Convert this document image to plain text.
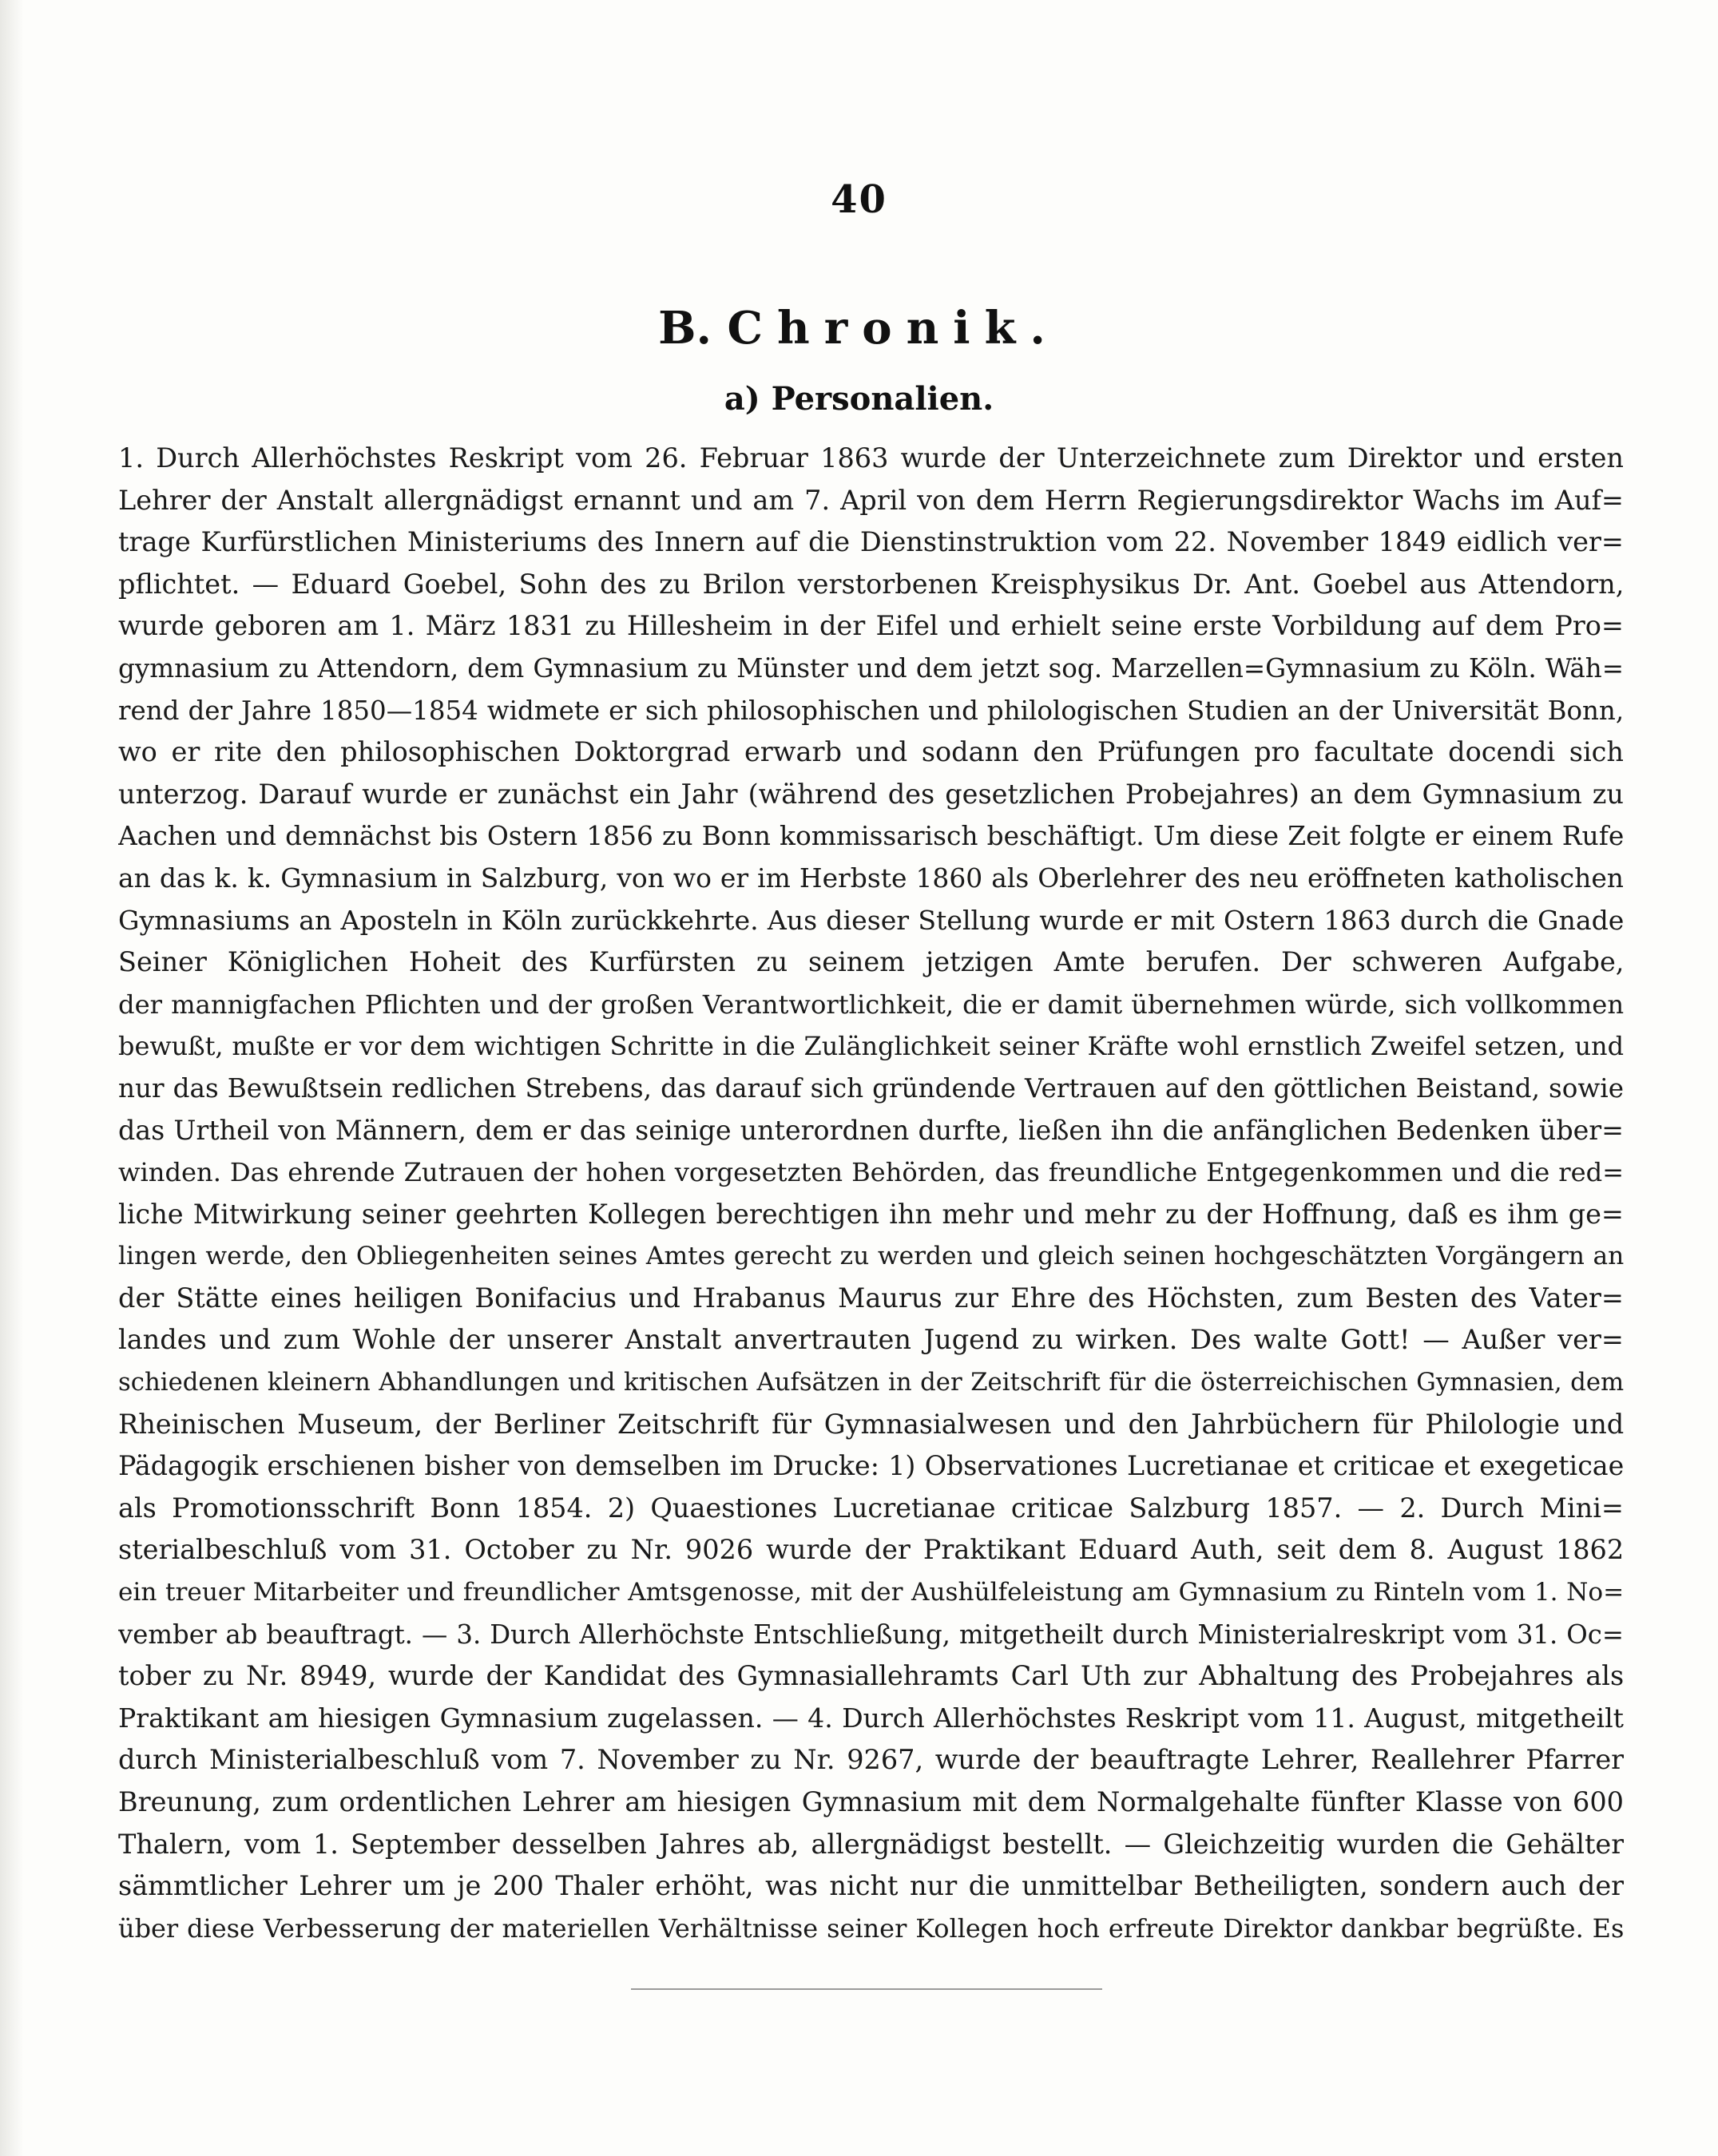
40
B. Chronik.
a) Personalien.
1. Durch Allerhöchstes Reskript vom 26. Februar 1863 wurde der Unterzeichnete zum Direktor und ersten
Lehrer der Anstalt allergnädigst ernannt und am 7. April von dem Herrn Regierungsdirektor Wachs im Auf=
trage Kurfürstlichen Ministeriums des Innern auf die Dienstinstruktion vom 22. November 1849 eidlich ver=
pflichtet. — Eduard Goebel, Sohn des zu Brilon verstorbenen Kreisphysikus Dr. Ant. Goebel aus Attendorn,
wurde geboren am 1. März 1831 zu Hillesheim in der Eifel und erhielt seine erste Vorbildung auf dem Pro=
gymnasium zu Attendorn, dem Gymnasium zu Münster und dem jetzt sog. Marzellen=Gymnasium zu Köln. Wäh=
rend der Jahre 1850—1854 widmete er sich philosophischen und philologischen Studien an der Universität Bonn,
wo er rite den philosophischen Doktorgrad erwarb und sodann den Prüfungen pro facultate docendi sich
unterzog. Darauf wurde er zunächst ein Jahr (während des gesetzlichen Probejahres) an dem Gymnasium zu
Aachen und demnächst bis Ostern 1856 zu Bonn kommissarisch beschäftigt. Um diese Zeit folgte er einem Rufe
an das k. k. Gymnasium in Salzburg, von wo er im Herbste 1860 als Oberlehrer des neu eröffneten katholischen
Gymnasiums an Aposteln in Köln zurückkehrte. Aus dieser Stellung wurde er mit Ostern 1863 durch die Gnade
Seiner Königlichen Hoheit des Kurfürsten zu seinem jetzigen Amte berufen. Der schweren Aufgabe,
der mannigfachen Pflichten und der großen Verantwortlichkeit, die er damit übernehmen würde, sich vollkommen
bewußt, mußte er vor dem wichtigen Schritte in die Zulänglichkeit seiner Kräfte wohl ernstlich Zweifel setzen, und
nur das Bewußtsein redlichen Strebens, das darauf sich gründende Vertrauen auf den göttlichen Beistand, sowie
das Urtheil von Männern, dem er das seinige unterordnen durfte, ließen ihn die anfänglichen Bedenken über=
winden. Das ehrende Zutrauen der hohen vorgesetzten Behörden, das freundliche Entgegenkommen und die red=
liche Mitwirkung seiner geehrten Kollegen berechtigen ihn mehr und mehr zu der Hoffnung, daß es ihm ge=
lingen werde, den Obliegenheiten seines Amtes gerecht zu werden und gleich seinen hochgeschätzten Vorgängern an
der Stätte eines heiligen Bonifacius und Hrabanus Maurus zur Ehre des Höchsten, zum Besten des Vater=
landes und zum Wohle der unserer Anstalt anvertrauten Jugend zu wirken. Des walte Gott! — Außer ver=
schiedenen kleinern Abhandlungen und kritischen Aufsätzen in der Zeitschrift für die österreichischen Gymnasien, dem
Rheinischen Museum, der Berliner Zeitschrift für Gymnasialwesen und den Jahrbüchern für Philologie und
Pädagogik erschienen bisher von demselben im Drucke: 1) Observationes Lucretianae et criticae et exegeticae
als Promotionsschrift Bonn 1854. 2) Quaestiones Lucretianae criticae Salzburg 1857. — 2. Durch Mini=
sterialbeschluß vom 31. October zu Nr. 9026 wurde der Praktikant Eduard Auth, seit dem 8. August 1862
ein treuer Mitarbeiter und freundlicher Amtsgenosse, mit der Aushülfeleistung am Gymnasium zu Rinteln vom 1. No=
vember ab beauftragt. — 3. Durch Allerhöchste Entschließung, mitgetheilt durch Ministerialreskript vom 31. Oc=
tober zu Nr. 8949, wurde der Kandidat des Gymnasiallehramts Carl Uth zur Abhaltung des Probejahres als
Praktikant am hiesigen Gymnasium zugelassen. — 4. Durch Allerhöchstes Reskript vom 11. August, mitgetheilt
durch Ministerialbeschluß vom 7. November zu Nr. 9267, wurde der beauftragte Lehrer, Reallehrer Pfarrer
Breunung, zum ordentlichen Lehrer am hiesigen Gymnasium mit dem Normalgehalte fünfter Klasse von 600
Thalern, vom 1. September desselben Jahres ab, allergnädigst bestellt. — Gleichzeitig wurden die Gehälter
sämmtlicher Lehrer um je 200 Thaler erhöht, was nicht nur die unmittelbar Betheiligten, sondern auch der
über diese Verbesserung der materiellen Verhältnisse seiner Kollegen hoch erfreute Direktor dankbar begrüßte. Es
